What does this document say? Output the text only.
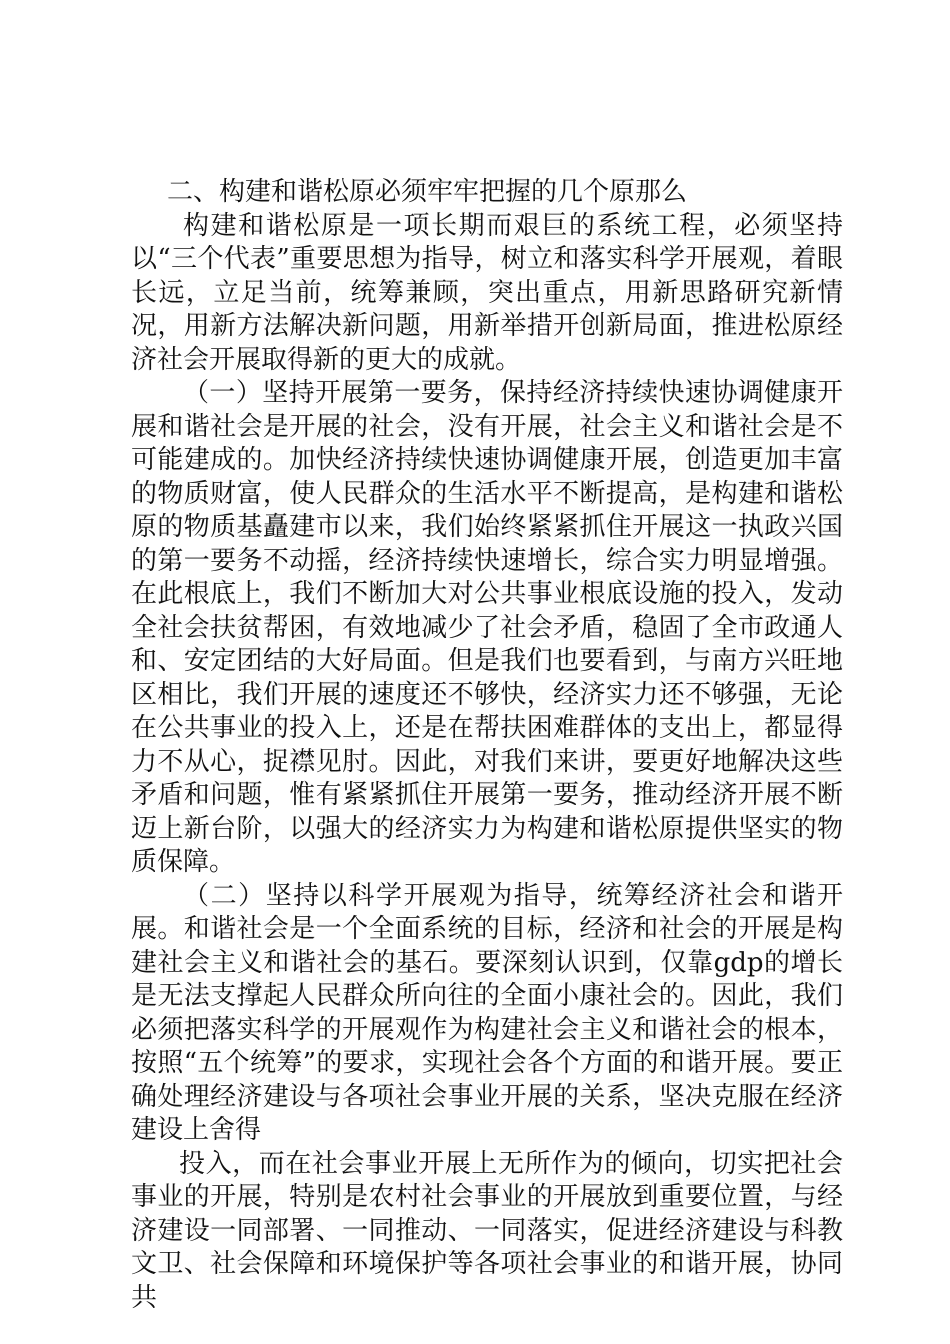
二、构建和谐松原必须牢牢把握的几个原那么

构建和谐松原是一项长期而艰巨的系统工程，必须坚持以“三个代表”重要思想为指导，树立和落实科学开展观，着眼长远，立足当前，统筹兼顾，突出重点，用新思路研究新情况，用新方法解决新问题，用新举措开创新局面，推进松原经济社会开展取得新的更大的成就。

（一）坚持开展第一要务，保持经济持续快速协调健康开展和谐社会是开展的社会，没有开展，社会主义和谐社会是不可能建成的。加快经济持续快速协调健康开展，创造更加丰富的物质财富，使人民群众的生活水平不断提高，是构建和谐松原的物质基矗建市以来，我们始终紧紧抓住开展这一执政兴国的第一要务不动摇，经济持续快速增长，综合实力明显增强。在此根底上，我们不断加大对公共事业根底设施的投入，发动全社会扶贫帮困，有效地减少了社会矛盾，稳固了全市政通人和、安定团结的大好局面。但是我们也要看到，与南方兴旺地区相比，我们开展的速度还不够快，经济实力还不够强，无论在公共事业的投入上，还是在帮扶困难群体的支出上，都显得力不从心，捉襟见肘。因此，对我们来讲，要更好地解决这些矛盾和问题，惟有紧紧抓住开展第一要务，推动经济开展不断迈上新台阶，以强大的经济实力为构建和谐松原提供坚实的物质保障。

（二）坚持以科学开展观为指导，统筹经济社会和谐开展。和谐社会是一个全面系统的目标，经济和社会的开展是构建社会主义和谐社会的基石。要深刻认识到，仅靠gdp的增长是无法支撑起人民群众所向往的全面小康社会的。因此，我们必须把落实科学的开展观作为构建社会主义和谐社会的根本，按照“五个统筹”的要求，实现社会各个方面的和谐开展。要正确处理经济建设与各项社会事业开展的关系，坚决克服在经济建设上舍得

投入，而在社会事业开展上无所作为的倾向，切实把社会事业的开展，特别是农村社会事业的开展放到重要位置，与经济建设一同部署、一同推动、一同落实，促进经济建设与科教文卫、社会保障和环境保护等各项社会事业的和谐开展，协同共
